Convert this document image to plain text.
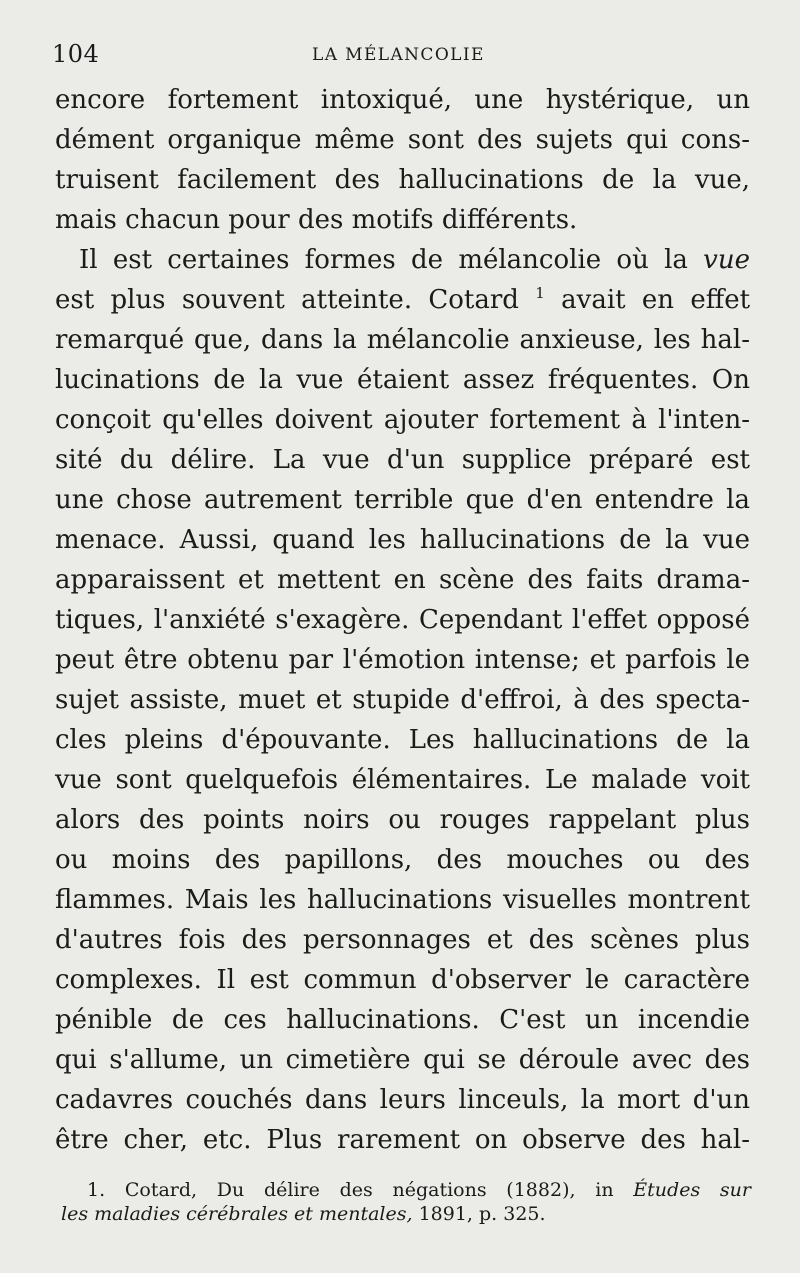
104	LA MÉLANCOLIE
encore fortement intoxiqué, une hystérique, un
dément organique même sont des sujets qui cons-
truisent facilement des hallucinations de la vue,
mais chacun pour des motifs différents.
Il est certaines formes de mélancolie où la vue
est plus souvent atteinte. Cotard $^1$ avait en effet
remarqué que, dans la mélancolie anxieuse, les hal-
lucinations de la vue étaient assez fréquentes. On
conçoit qu'elles doivent ajouter fortement à l'inten-
sité du délire. La vue d'un supplice préparé est
une chose autrement terrible que d'en entendre la
menace. Aussi, quand les hallucinations de la vue
apparaissent et mettent en scène des faits drama-
tiques, l'anxiété s'exagère. Cependant l'effet opposé
peut être obtenu par l'émotion intense; et parfois le
sujet assiste, muet et stupide d'effroi, à des specta-
cles pleins d'épouvante. Les hallucinations de la
vue sont quelquefois élémentaires. Le malade voit
alors des points noirs ou rouges rappelant plus
ou moins des papillons, des mouches ou des
flammes. Mais les hallucinations visuelles montrent
d'autres fois des personnages et des scènes plus
complexes. Il est commun d'observer le caractère
pénible de ces hallucinations. C'est un incendie
qui s'allume, un cimetière qui se déroule avec des
cadavres couchés dans leurs linceuls, la mort d'un
être cher, etc. Plus rarement on observe des hal-
1. Cotard, Du délire des négations (1882), in Études sur
les maladies cérébrales et mentales, 1891, p. 325.
